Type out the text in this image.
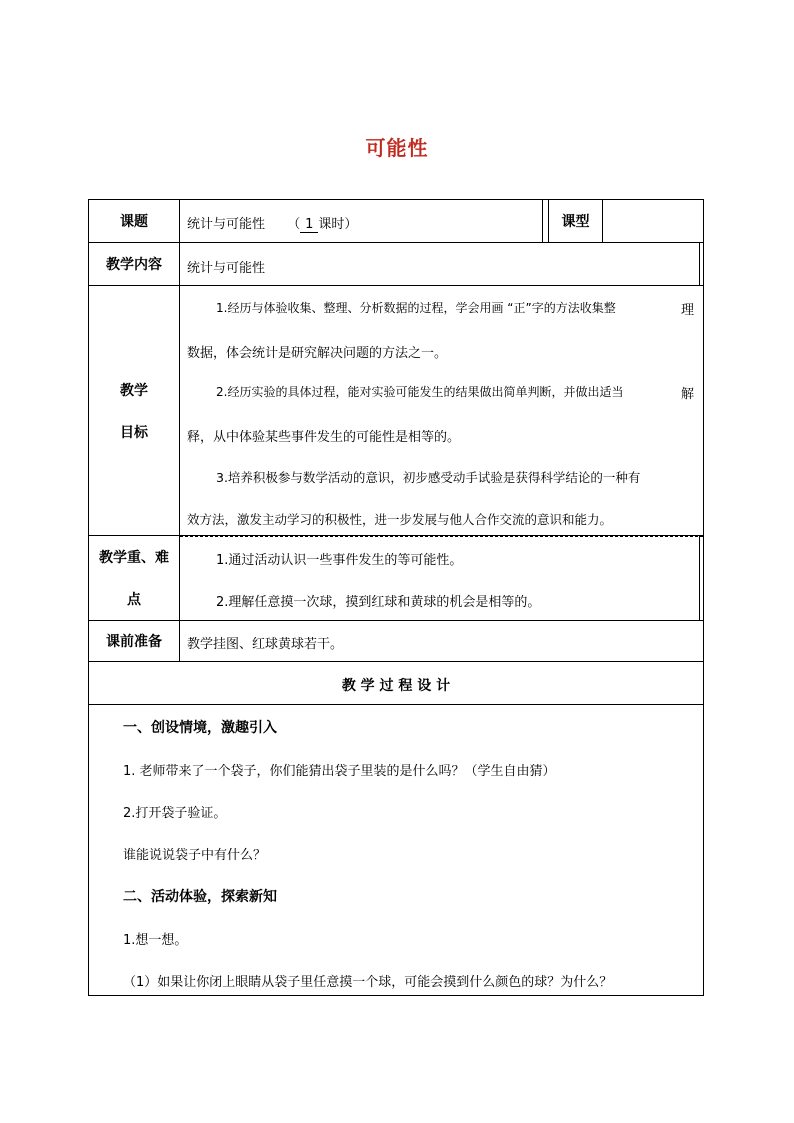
可能性
课题	统计与可能性 （ 1 课时）	课型
教学内容	统计与可能性
教学
目标
1.经历与体验收集、整理、分析数据的过程，学会用画 “正”字的方法收集整	理
数据，体会统计是研究解决问题的方法之一。
2.经历实验的具体过程，能对实验可能发生的结果做出简单判断，并做出适当	解
释，从中体验某些事件发生的可能性是相等的。
3.培养积极参与数学活动的意识，初步感受动手试验是获得科学结论的一种有
效方法，激发主动学习的积极性，进一步发展与他人合作交流的意识和能力。
教学重、难
点
1.通过活动认识一些事件发生的等可能性。
2.理解任意摸一次球，摸到红球和黄球的机会是相等的。
课前准备	教学挂图、红球黄球若干。
教 学 过 程 设 计
一、创设情境，激趣引入
1. 老师带来了一个袋子，你们能猜出袋子里装的是什么吗？（学生自由猜）
2.打开袋子验证。
谁能说说袋子中有什么？
二、活动体验，探索新知
1.想一想。
（1）如果让你闭上眼睛从袋子里任意摸一个球，可能会摸到什么颜色的球？为什么？
